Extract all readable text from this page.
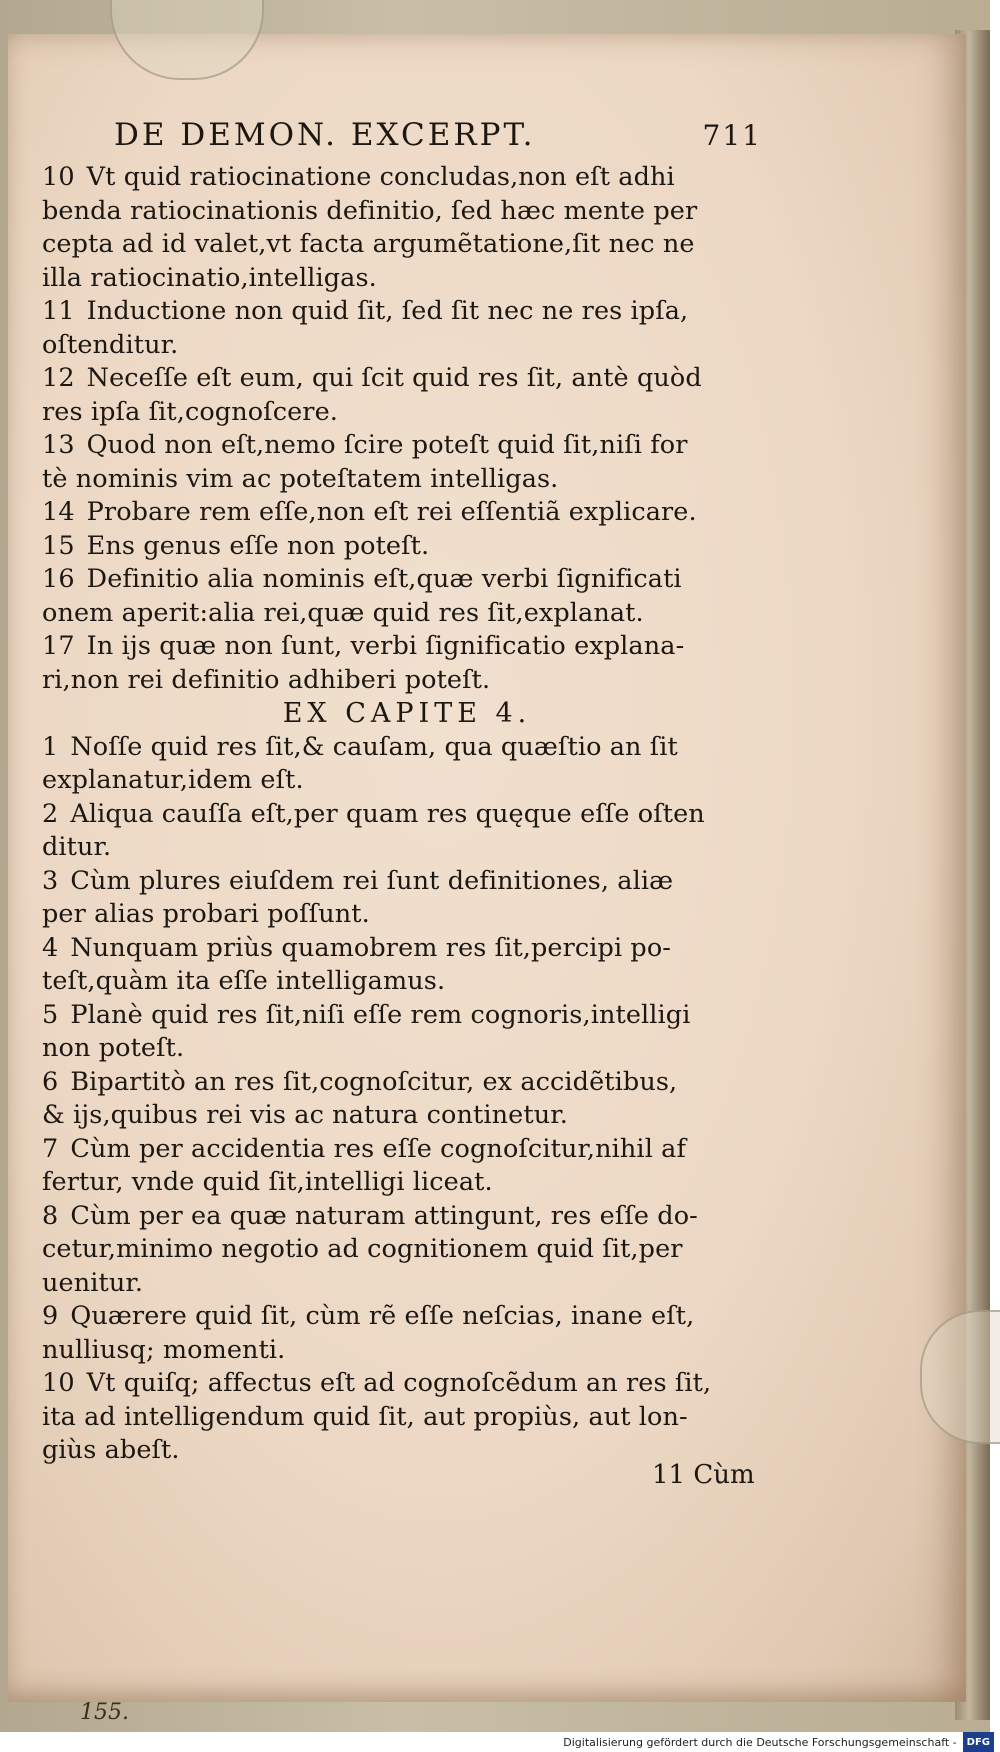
DE DEMON. EXCERPT.	711
10 Vt quid ratiocinatione concludas,non eſt adhi
benda ratiocinationis definitio, ſed hæc mente per
cepta ad id valet,vt facta argumẽtatione,ſit nec ne
illa ratiocinatio,intelligas.
11 Inductione non quid ſit, ſed ſit nec ne res ipſa,
oſtenditur.
12 Neceſſe eſt eum, qui ſcit quid res ſit, antè quòd
res ipſa ſit,cognoſcere.
13 Quod non eſt,nemo ſcire poteſt quid ſit,niſi for
tè nominis vim ac poteſtatem intelligas.
14 Probare rem eſſe,non eſt rei eſſentiã explicare.
15 Ens genus eſſe non poteſt.
16 Definitio alia nominis eſt,quæ verbi ſignificati
onem aperit:alia rei,quæ quid res ſit,explanat.
17 In ijs quæ non ſunt, verbi ſignificatio explana-
ri,non rei definitio adhiberi poteſt.
EX CAPITE 4.
1 Noſſe quid res ſit,& cauſam, qua quæſtio an ſit
explanatur,idem eſt.
2 Aliqua cauſſa eſt,per quam res quęque eſſe oſten
ditur.
3 Cùm plures eiuſdem rei ſunt definitiones, aliæ
per alias probari poſſunt.
4 Nunquam priùs quamobrem res ſit,percipi po-
teſt,quàm ita eſſe intelligamus.
5 Planè quid res ſit,niſi eſſe rem cognoris,intelligi
non poteſt.
6 Bipartitò an res ſit,cognoſcitur, ex accidẽtibus,
& ijs,quibus rei vis ac natura continetur.
7 Cùm per accidentia res eſſe cognoſcitur,nihil af
fertur, vnde quid ſit,intelligi liceat.
8 Cùm per ea quæ naturam attingunt, res eſſe do-
cetur,minimo negotio ad cognitionem quid ſit,per
uenitur.
9 Quærere quid ſit, cùm rẽ eſſe neſcias, inane eſt,
nulliusq; momenti.
10 Vt quiſq; affectus eſt ad cognoſcẽdum an res ſit,
ita ad intelligendum quid ſit, aut propiùs, aut lon-
giùs abeſt.
11 Cùm
155.
Digitalisierung gefördert durch die Deutsche Forschungsgemeinschaft - DFG
